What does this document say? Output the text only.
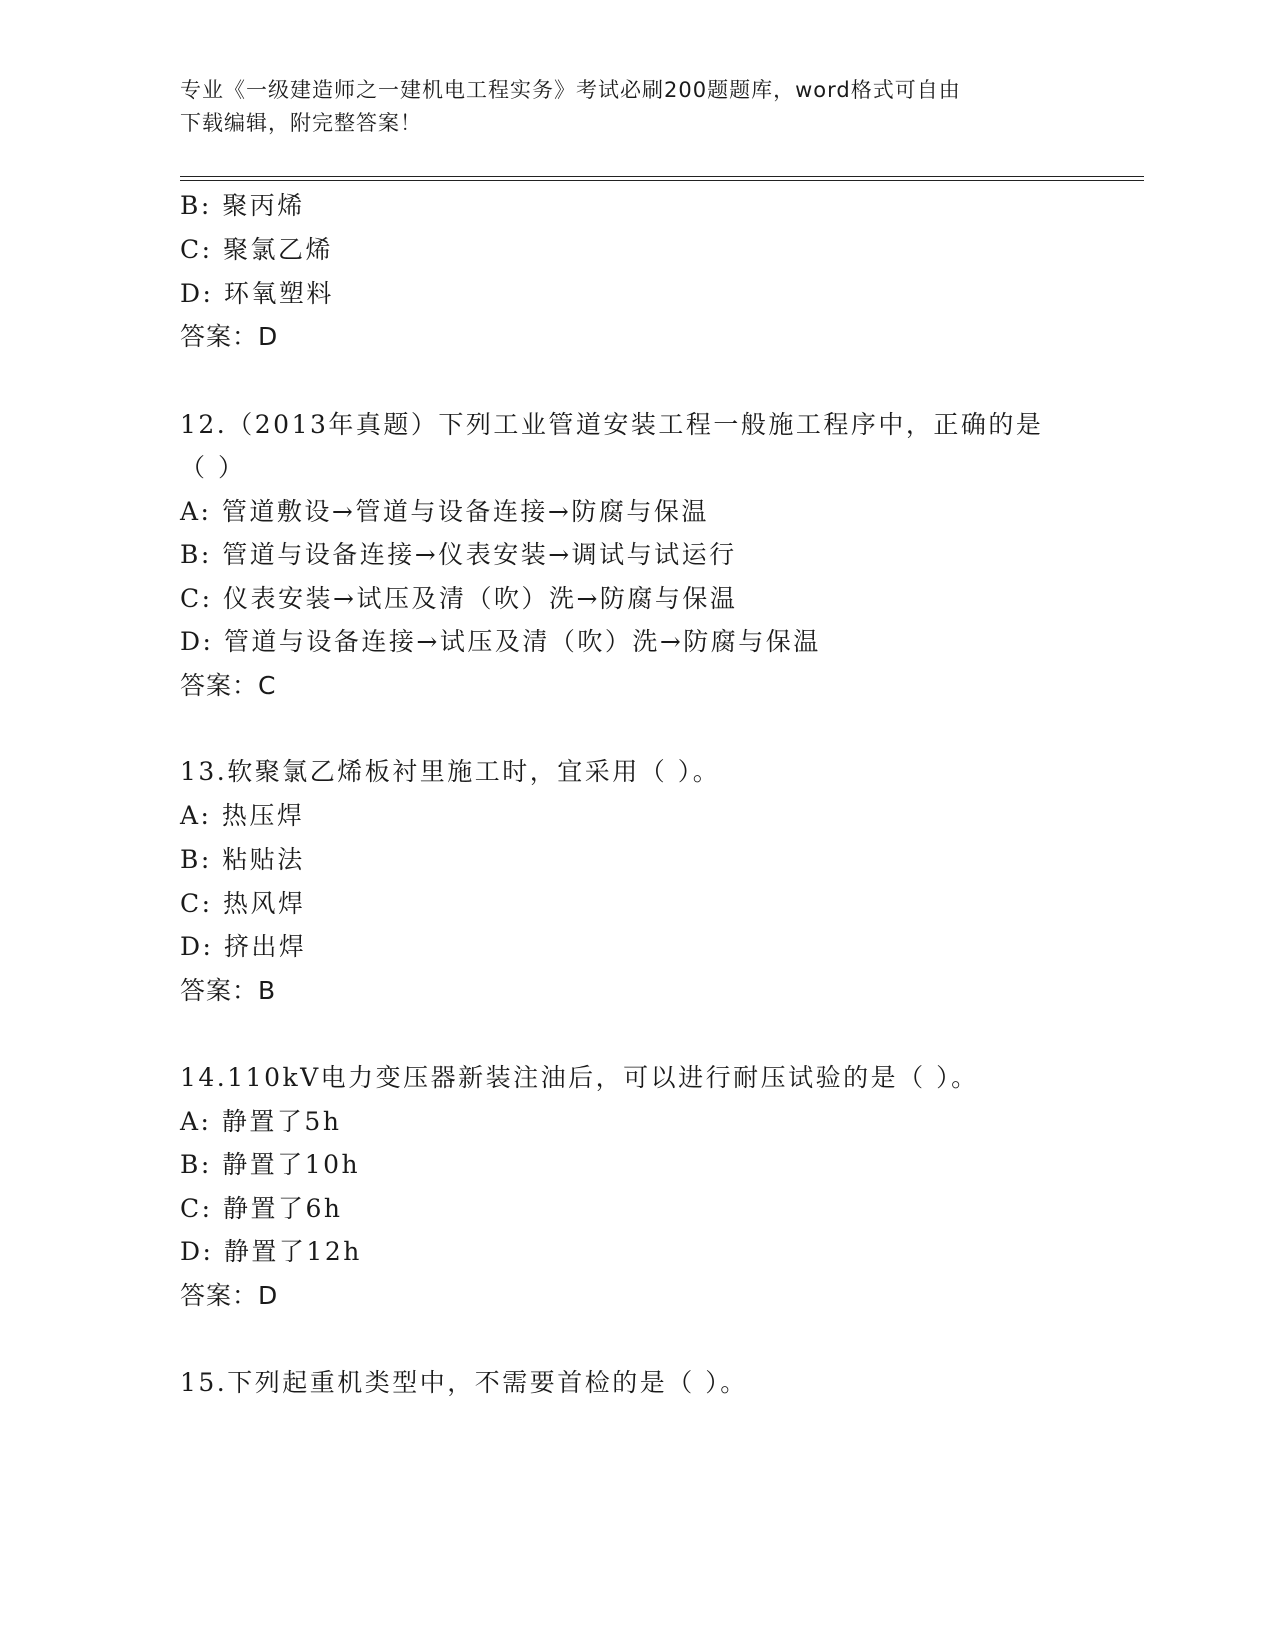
专业《一级建造师之一建机电工程实务》考试必刷200题题库，word格式可自由
下载编辑，附完整答案！
B: 聚丙烯
C: 聚氯乙烯
D: 环氧塑料
答案：D
12.（2013年真题）下列工业管道安装工程一般施工程序中，正确的是
（ ）
A: 管道敷设→管道与设备连接→防腐与保温
B: 管道与设备连接→仪表安装→调试与试运行
C: 仪表安装→试压及清（吹）洗→防腐与保温
D: 管道与设备连接→试压及清（吹）洗→防腐与保温
答案：C
13.软聚氯乙烯板衬里施工时，宜采用（ ）。
A: 热压焊
B: 粘贴法
C: 热风焊
D: 挤出焊
答案：B
14.110kV电力变压器新装注油后，可以进行耐压试验的是（ ）。
A: 静置了5h
B: 静置了10h
C: 静置了6h
D: 静置了12h
答案：D
15.下列起重机类型中，不需要首检的是（ ）。
